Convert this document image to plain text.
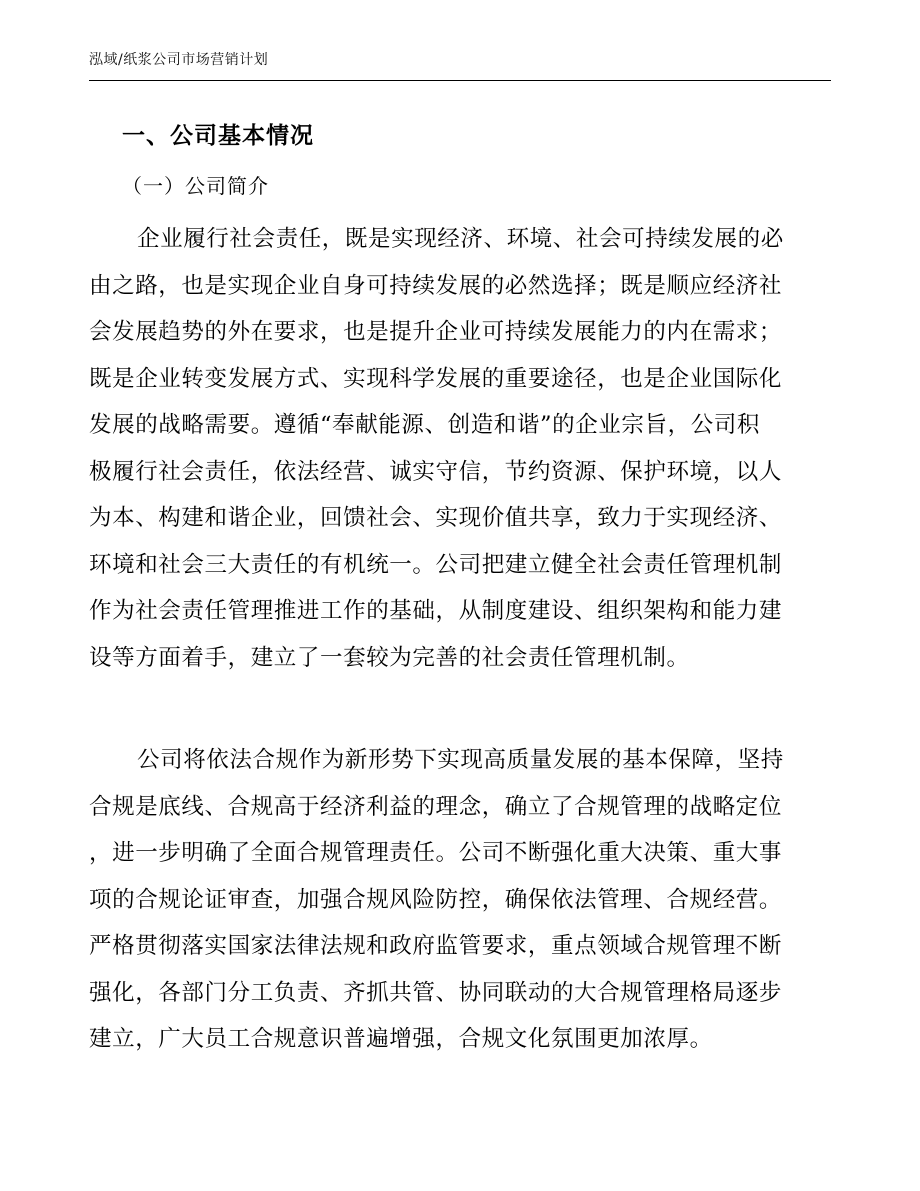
泓域/纸浆公司市场营销计划
一、公司基本情况
（一）公司简介
企业履行社会责任，既是实现经济、环境、社会可持续发展的必
由之路，也是实现企业自身可持续发展的必然选择；既是顺应经济社
会发展趋势的外在要求，也是提升企业可持续发展能力的内在需求；
既是企业转变发展方式、实现科学发展的重要途径，也是企业国际化
发展的战略需要。遵循“奉献能源、创造和谐”的企业宗旨，公司积
极履行社会责任，依法经营、诚实守信，节约资源、保护环境，以人
为本、构建和谐企业，回馈社会、实现价值共享，致力于实现经济、
环境和社会三大责任的有机统一。公司把建立健全社会责任管理机制
作为社会责任管理推进工作的基础，从制度建设、组织架构和能力建
设等方面着手，建立了一套较为完善的社会责任管理机制。
公司将依法合规作为新形势下实现高质量发展的基本保障，坚持
合规是底线、合规高于经济利益的理念，确立了合规管理的战略定位
，进一步明确了全面合规管理责任。公司不断强化重大决策、重大事
项的合规论证审查，加强合规风险防控，确保依法管理、合规经营。
严格贯彻落实国家法律法规和政府监管要求，重点领域合规管理不断
强化，各部门分工负责、齐抓共管、协同联动的大合规管理格局逐步
建立，广大员工合规意识普遍增强，合规文化氛围更加浓厚。
